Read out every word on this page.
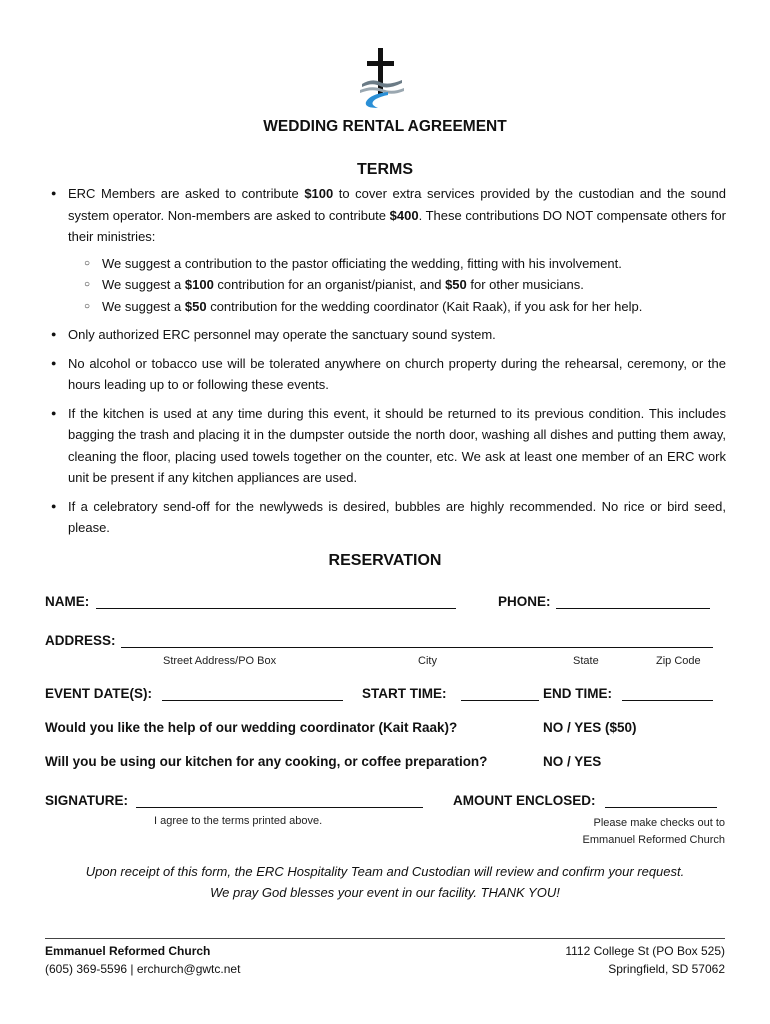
WEDDING RENTAL AGREEMENT
TERMS
● ERC Members are asked to contribute $100 to cover extra services provided by the custodian and the sound system operator. Non-members are asked to contribute $400. These contributions DO NOT compensate others for their ministries:
○ We suggest a contribution to the pastor officiating the wedding, fitting with his involvement.
○ We suggest a $100 contribution for an organist/pianist, and $50 for other musicians.
○ We suggest a $50 contribution for the wedding coordinator (Kait Raak), if you ask for her help.
● Only authorized ERC personnel may operate the sanctuary sound system.
● No alcohol or tobacco use will be tolerated anywhere on church property during the rehearsal, ceremony, or the hours leading up to or following these events.
● If the kitchen is used at any time during this event, it should be returned to its previous condition. This includes bagging the trash and placing it in the dumpster outside the north door, washing all dishes and putting them away, cleaning the floor, placing used towels together on the counter, etc. We ask at least one member of an ERC work unit be present if any kitchen appliances are used.
● If a celebratory send-off for the newlyweds is desired, bubbles are highly recommended. No rice or bird seed, please.
RESERVATION
NAME:	PHONE:
ADDRESS:
Street Address/PO Box	City	State	Zip Code
EVENT DATE(S):	START TIME:	END TIME:
Would you like the help of our wedding coordinator (Kait Raak)?	NO / YES ($50)
Will you be using our kitchen for any cooking, or coffee preparation?	NO / YES
SIGNATURE:
I agree to the terms printed above.
AMOUNT ENCLOSED:
Please make checks out to
Emmanuel Reformed Church
Upon receipt of this form, the ERC Hospitality Team and Custodian will review and confirm your request.
We pray God blesses your event in our facility. THANK YOU!
Emmanuel Reformed Church
(605) 369-5596 | erchurch@gwtc.net
1112 College St (PO Box 525)
Springfield, SD 57062
